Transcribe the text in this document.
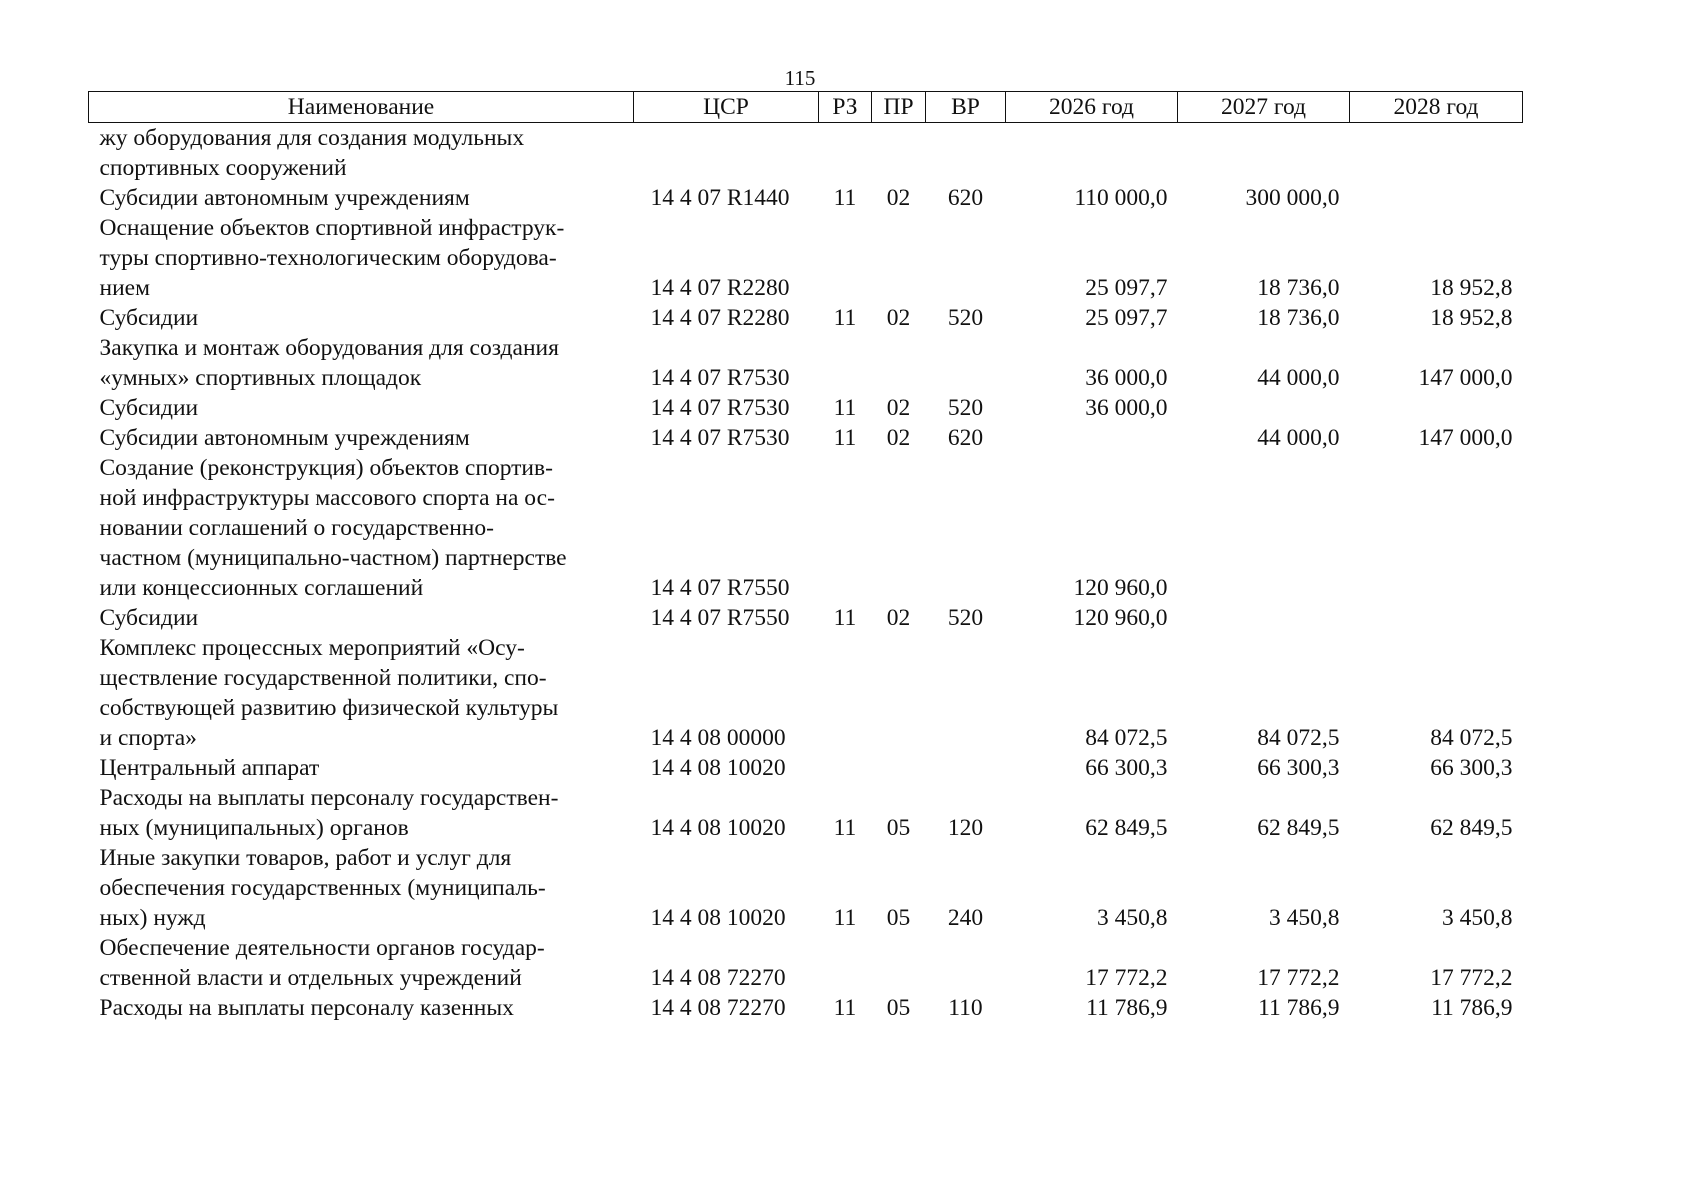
115
Наименование	ЦСР	РЗ	ПР	ВР	2026 год	2027 год	2028 год

жу оборудования для создания модульных
спортивных сооружений							

Субсидии автономным учреждениям	14 4 07 R1440	11	02	620	110 000,0	300 000,0	

Оснащение объектов спортивной инфраструк-
туры спортивно-технологическим оборудова-
нием	14 4 07 R2280				25 097,7	18 736,0	18 952,8

Субсидии	14 4 07 R2280	11	02	520	25 097,7	18 736,0	18 952,8

Закупка и монтаж оборудования для создания
«умных» спортивных площадок	14 4 07 R7530				36 000,0	44 000,0	147 000,0

Субсидии	14 4 07 R7530	11	02	520	36 000,0		

Субсидии автономным учреждениям	14 4 07 R7530	11	02	620		44 000,0	147 000,0

Создание (реконструкция) объектов спортив-
ной инфраструктуры массового спорта на ос-
новании соглашений о государственно-
частном (муниципально-частном) партнерстве
или концессионных соглашений	14 4 07 R7550				120 960,0		

Субсидии	14 4 07 R7550	11	02	520	120 960,0		

Комплекс процессных мероприятий «Осу-
ществление государственной политики, спо-
собствующей развитию физической культуры
и спорта»	14 4 08 00000				84 072,5	84 072,5	84 072,5

Центральный аппарат	14 4 08 10020				66 300,3	66 300,3	66 300,3

Расходы на выплаты персоналу государствен-
ных (муниципальных) органов	14 4 08 10020	11	05	120	62 849,5	62 849,5	62 849,5

Иные закупки товаров, работ и услуг для
обеспечения государственных (муниципаль-
ных) нужд	14 4 08 10020	11	05	240	3 450,8	3 450,8	3 450,8

Обеспечение деятельности органов государ-
ственной власти и отдельных учреждений	14 4 08 72270				17 772,2	17 772,2	17 772,2

Расходы на выплаты персоналу казенных	14 4 08 72270	11	05	110	11 786,9	11 786,9	11 786,9
